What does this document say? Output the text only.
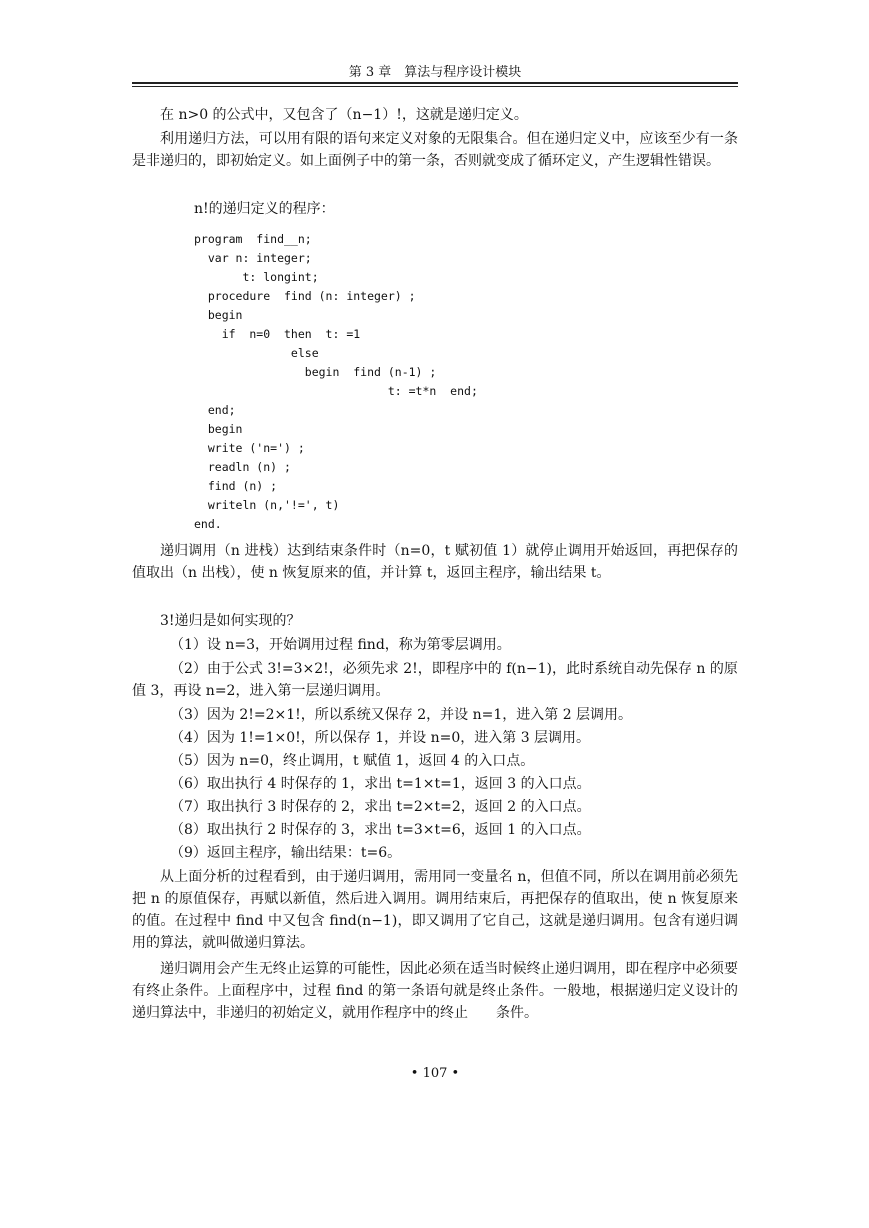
第 3 章　算法与程序设计模块

在 n>0 的公式中，又包含了（n−1）!，这就是递归定义。

利用递归方法，可以用有限的语句来定义对象的无限集合。但在递归定义中，应该至少有一条是非递归的，即初始定义。如上面例子中的第一条，否则就变成了循环定义，产生逻辑性错误。

n!的递归定义的程序：

program  find__n;
var n: integer;
t: longint;
procedure  find (n: integer) ;
begin
if  n=0  then  t: =1
else
begin  find (n-1) ;
t: =t*n  end;
end;
begin
write ('n=') ;
readln (n) ;
find (n) ;
writeln (n,'!=', t)
end.

递归调用（n 进栈）达到结束条件时（n=0，t 赋初值 1）就停止调用开始返回，再把保存的值取出（n 出栈），使 n 恢复原来的值，并计算 t，返回主程序，输出结果 t。

3!递归是如何实现的？

（1）设 n=3，开始调用过程 find，称为第零层调用。

（2）由于公式 3!=3×2!，必须先求 2!，即程序中的 f(n−1)，此时系统自动先保存 n 的原值 3，再设 n=2，进入第一层递归调用。

（3）因为 2!=2×1!，所以系统又保存 2，并设 n=1，进入第 2 层调用。

（4）因为 1!=1×0!，所以保存 1，并设 n=0，进入第 3 层调用。

（5）因为 n=0，终止调用，t 赋值 1，返回 4 的入口点。

（6）取出执行 4 时保存的 1，求出 t=1×t=1，返回 3 的入口点。

（7）取出执行 3 时保存的 2，求出 t=2×t=2，返回 2 的入口点。

（8）取出执行 2 时保存的 3，求出 t=3×t=6，返回 1 的入口点。

（9）返回主程序，输出结果：t=6。

从上面分析的过程看到，由于递归调用，需用同一变量名 n，但值不同，所以在调用前必须先把 n 的原值保存，再赋以新值，然后进入调用。调用结束后，再把保存的值取出，使 n 恢复原来的值。在过程中 find 中又包含 find(n−1)，即又调用了它自己，这就是递归调用。包含有递归调用的算法，就叫做递归算法。

递归调用会产生无终止运算的可能性，因此必须在适当时候终止递归调用，即在程序中必须要有终止条件。上面程序中，过程 find 的第一条语句就是终止条件。一般地，根据递归定义设计的递归算法中，非递归的初始定义，就用作程序中的终止　　条件。

• 107 •
